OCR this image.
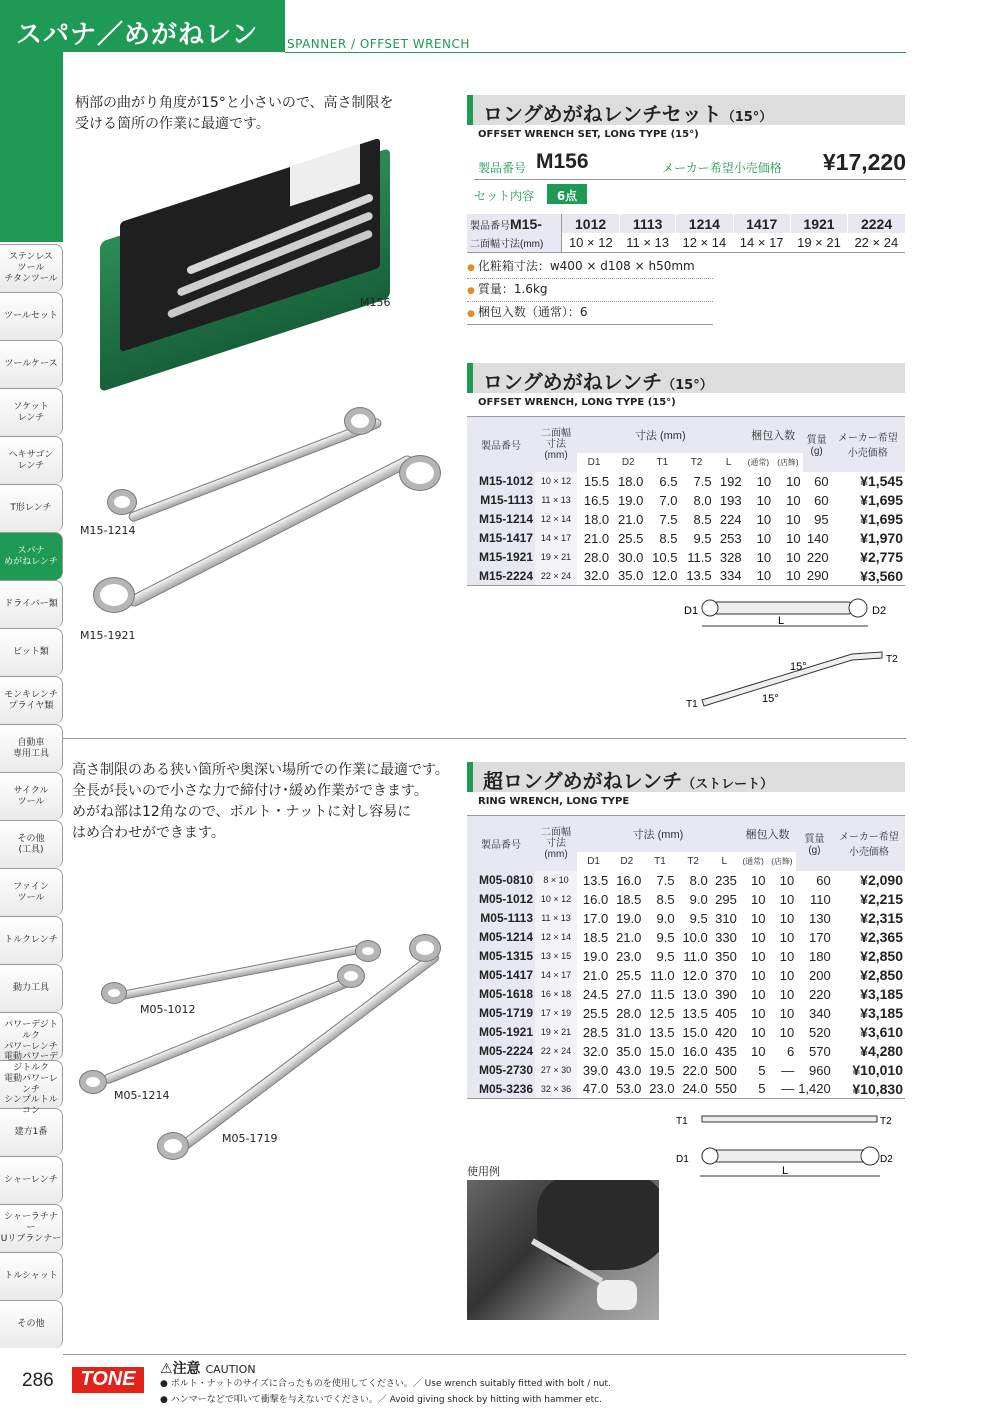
スパナ／めがねレン	SPANNER / OFFSET WRENCH
ステンレス
ツール
チタンツール
ツールセット
ツールケース
ソケット
レンチ
ヘキサゴン
レンチ
T形レンチ
スパナ
めがねレンチ
ドライバー類
ビット類
モンキレンチ
プライヤ類
自動車
専用工具
サイクル
ツール
その他
(工具)
ファイン
ツール
トルクレンチ
動力工具
パワーデジトルク
パワーレンチ
ジトルク
電動パワーレンチ
シンプルトル
建方1番
シャーレンチ
シャーラチナー
Uリブランナー
トルシャット
その他
柄部の曲がり角度が15°と小さいので、高さ制限を
受ける箇所の作業に最適です。
M156
ロングめがねレンチセット（15°）
OFFSET WRENCH SET, LONG TYPE (15°)
製品番号 M156	メーカー希望小売価格 ¥17,220
セット内容	6点
製品番号M15-	1012	1113	1214	1417	1921	2224
二面幅寸法(mm)	10 × 12	11 × 13	12 × 14	14 × 17	19 × 21	22 × 24
● 化粧箱寸法：w400 × d108 × h50mm
● 質量：1.6kg
● 梱包入数（通常）：6
ロングめがねレンチ（15°）
OFFSET WRENCH, LONG TYPE (15°)
製品番号	二面幅
寸法
(mm)	寸法 (mm)					梱包入数		質量
(g)	メーカー希望
小売価格
		D1	D2	T1	T2	L	(通常)	(店飾)		
M15-1012	10 × 12	15.5	18.0	6.5	7.5	192	10	10	60	¥1,545
M15-1113	11 × 13	16.5	19.0	7.0	8.0	193	10	10	60	¥1,695
M15-1214	12 × 14	18.0	21.0	7.5	8.5	224	10	10	95	¥1,695
M15-1417	14 × 17	21.0	25.5	8.5	9.5	253	10	10	140	¥1,970
M15-1921	19 × 21	28.0	30.0	10.5	11.5	328	10	10	220	¥2,775
M15-2224	22 × 24	32.0	35.0	12.0	13.5	334	10	10	290	¥3,560
M15-1214
M15-1921
D1	D2
L
15°
15°
T1
T2
高さ制限のある狭い箇所や奥深い場所での作業に最適です。
全長が長いので小さな力で締付け･緩め作業ができます。
めがね部は12角なので、ボルト・ナットに対し容易に
はめ合わせができます。
超ロングめがねレンチ（ストレート）
RING WRENCH, LONG TYPE
製品番号	二面幅
寸法
(mm)	寸法 (mm)					梱包入数		質量
(g)	メーカー希望
小売価格
		D1	D2	T1	T2	L	(通常)	(店飾)		
M05-0810	8 × 10	13.5	16.0	7.5	8.0	235	10	10	60	¥2,090
M05-1012	10 × 12	16.0	18.5	8.5	9.0	295	10	10	110	¥2,215
M05-1113	11 × 13	17.0	19.0	9.0	9.5	310	10	10	130	¥2,315
M05-1214	12 × 14	18.5	21.0	9.5	10.0	330	10	10	170	¥2,365
M05-1315	13 × 15	19.0	23.0	9.5	11.0	350	10	10	180	¥2,850
M05-1417	14 × 17	21.0	25.5	11.0	12.0	370	10	10	200	¥2,850
M05-1618	16 × 18	24.5	27.0	11.5	13.0	390	10	10	220	¥3,185
M05-1719	17 × 19	25.5	28.0	12.5	13.5	405	10	10	340	¥3,185
M05-1921	19 × 21	28.5	31.0	13.5	15.0	420	10	10	520	¥3,610
M05-2224	22 × 24	32.0	35.0	15.0	16.0	435	10	6	570	¥4,280
M05-2730	27 × 30	39.0	43.0	19.5	22.0	500	5	—	960	¥10,010
M05-3236	32 × 36	47.0	53.0	23.0	24.0	550	5	—	1,420	¥10,830
M05-1012
M05-1214
M05-1719
L
T1	T2
D1	D2
使用例
286	TONE	⚠注意 CAUTION
● ボルト・ナットのサイズに合ったものを使用してください。／ Use wrench suitably fitted with bolt / nut.
● ハンマーなどで叩いて衝撃を与えないでください。／ Avoid giving shock by hitting with hammer etc.
